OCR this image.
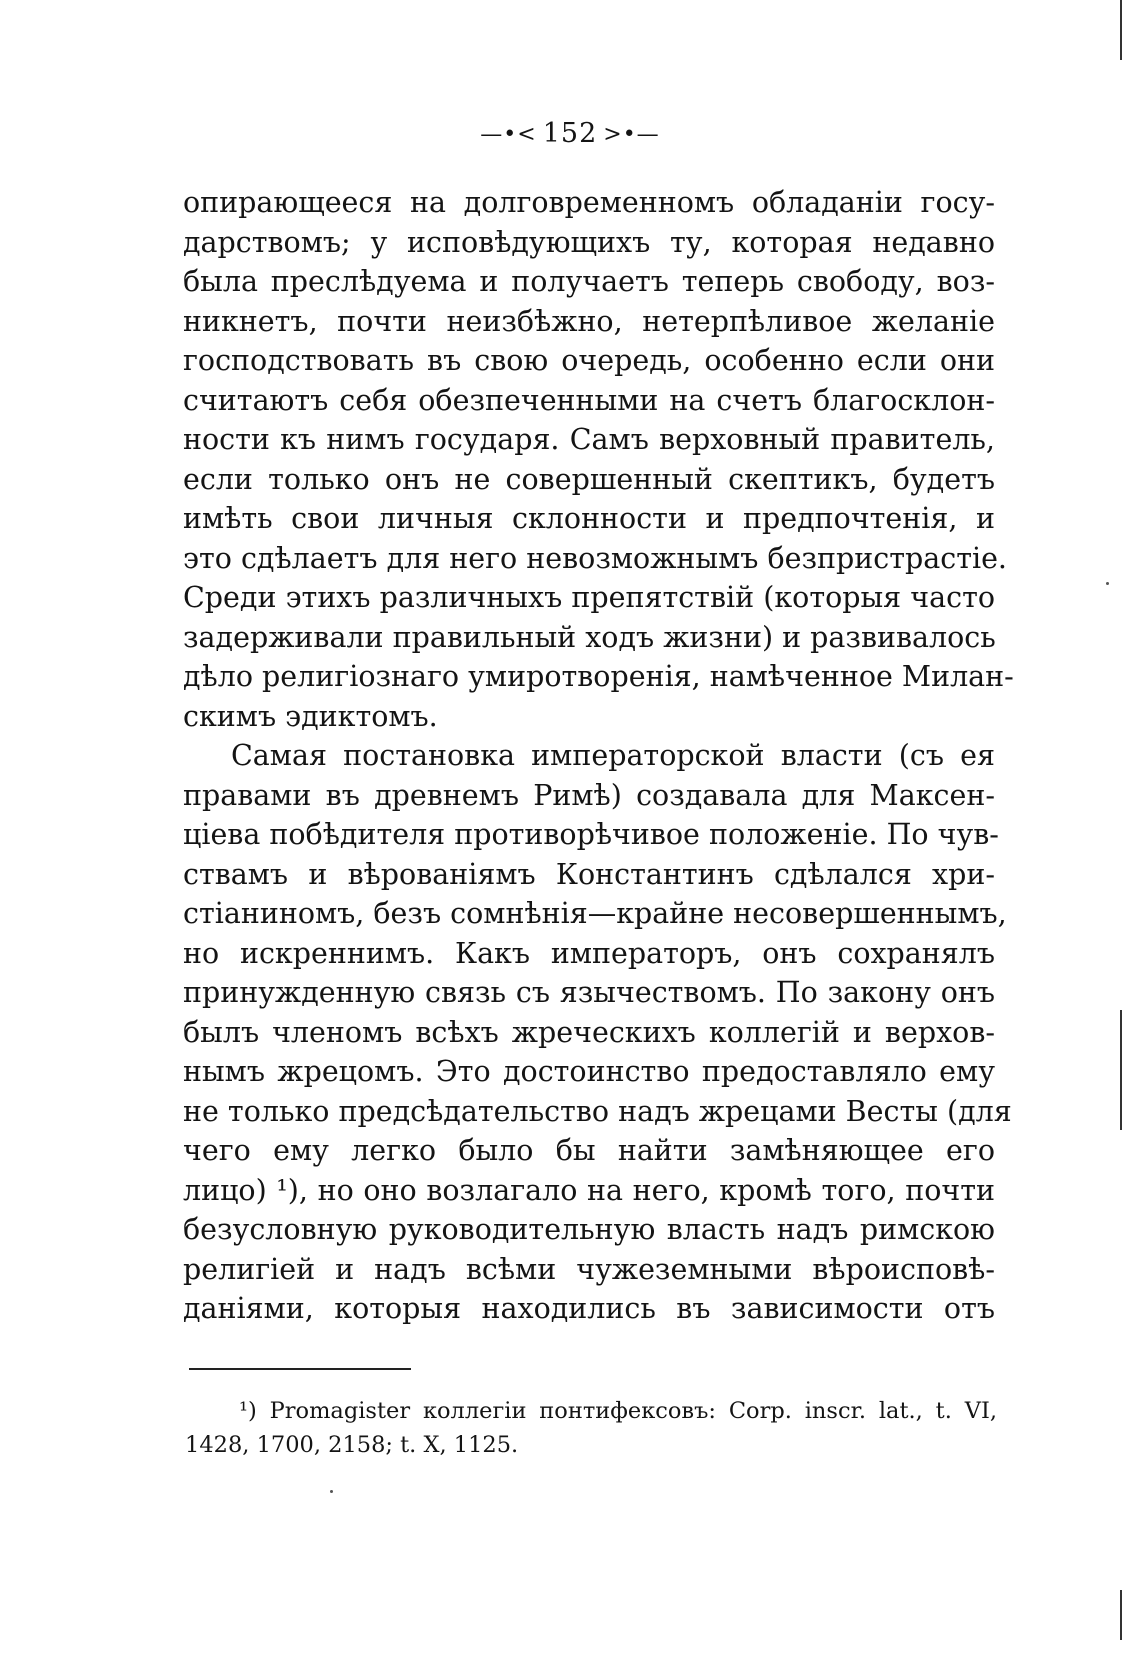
—•< 152 >•—
опирающееся на долговременномъ обладаніи госу-
дарствомъ; у исповѣдующихъ ту, которая недавно
была преслѣдуема и получаетъ теперь свободу, воз-
никнетъ, почти неизбѣжно, нетерпѣливое желаніе
господствовать въ свою очередь, особенно если они
считаютъ себя обезпеченными на счетъ благосклон-
ности къ нимъ государя. Самъ верховный правитель,
если только онъ не совершенный скептикъ, будетъ
имѣть свои личныя склонности и предпочтенія, и
это сдѣлаетъ для него невозможнымъ безпристрастіе.
Среди этихъ различныхъ препятствій (которыя часто
задерживали правильный ходъ жизни) и развивалось
дѣло религіознаго умиротворенія, намѣченное Милан-
скимъ эдиктомъ.
Самая постановка императорской власти (съ ея
правами въ древнемъ Римѣ) создавала для Максен-
ціева побѣдителя противорѣчивое положеніе. По чув-
ствамъ и вѣрованіямъ Константинъ сдѣлался хри-
стіаниномъ, безъ сомнѣнія—крайне несовершеннымъ,
но искреннимъ. Какъ императоръ, онъ сохранялъ
принужденную связь съ язычествомъ. По закону онъ
былъ членомъ всѣхъ жреческихъ коллегій и верхов-
нымъ жрецомъ. Это достоинство предоставляло ему
не только предсѣдательство надъ жрецами Весты (для
чего ему легко было бы найти замѣняющее его
лицо) ¹), но оно возлагало на него, кромѣ того, почти
безусловную руководительную власть надъ римскою
религіей и надъ всѣми чужеземными вѣроисповѣ-
даніями, которыя находились въ зависимости отъ
¹) Promagister коллегіи понтифексовъ: Corp. inscr. lat., t. VI,
1428, 1700, 2158; t. X, 1125.
